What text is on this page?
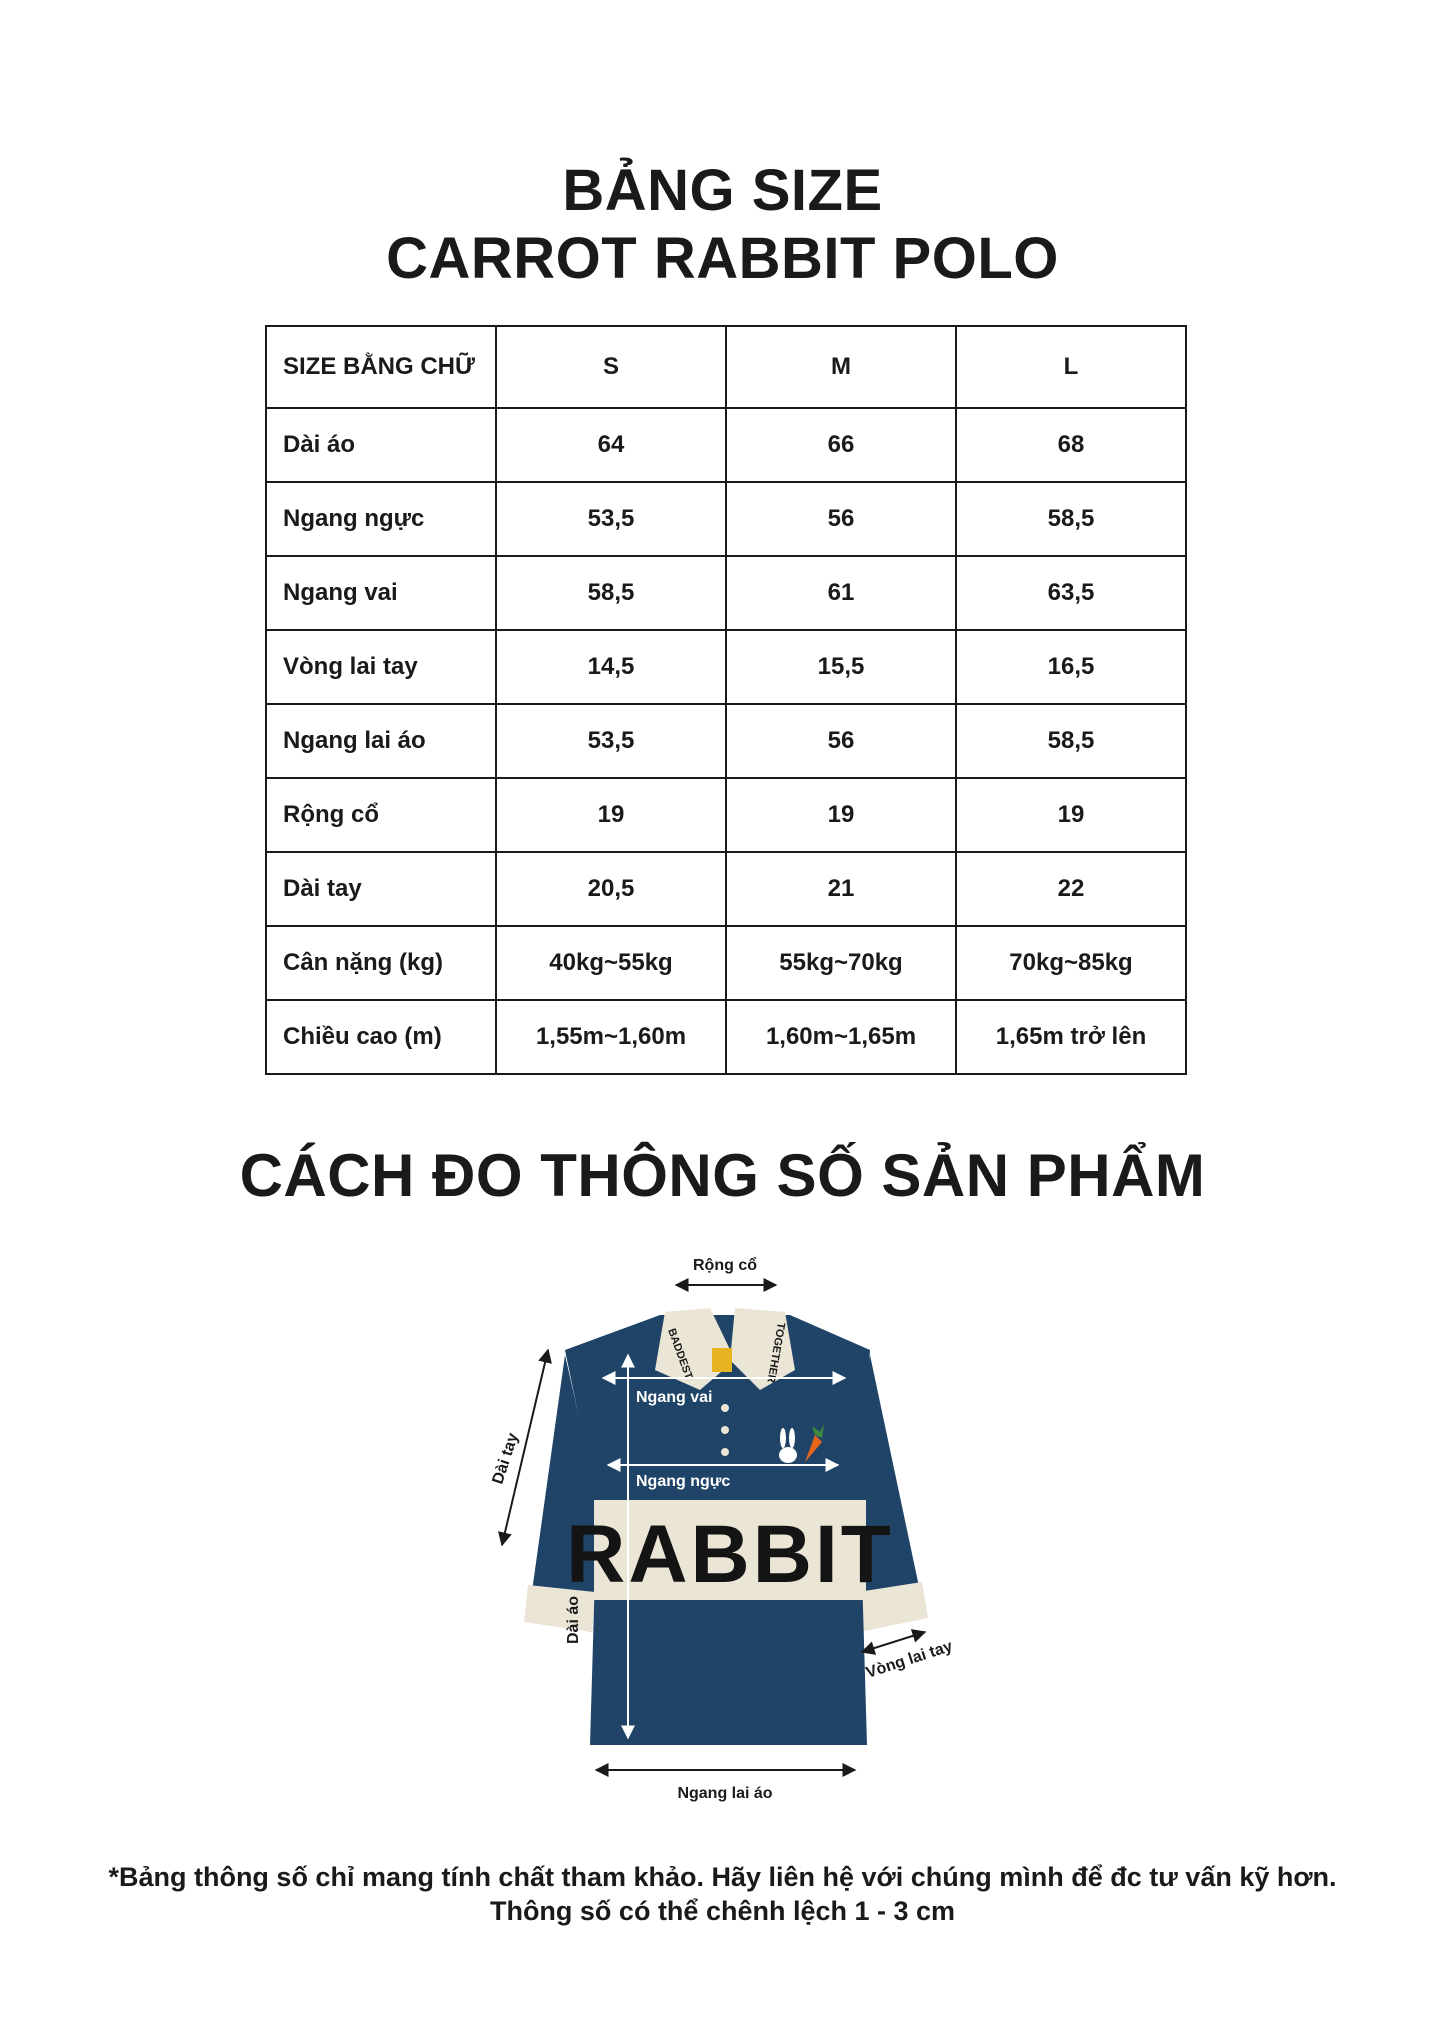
BẢNG SIZE
CARROT RABBIT POLO
SIZE BẰNG CHỮ	S	M	L
Dài áo	64	66	68
Ngang ngực	53,5	56	58,5
Ngang vai	58,5	61	63,5
Vòng lai tay	14,5	15,5	16,5
Ngang lai áo	53,5	56	58,5
Rộng cổ	19	19	19
Dài tay	20,5	21	22
Cân nặng (kg)	40kg~55kg	55kg~70kg	70kg~85kg
Chiều cao (m)	1,55m~1,60m	1,60m~1,65m	1,65m trở lên
CÁCH ĐO THÔNG SỐ SẢN PHẨM
RABBIT
BADDEST	TOGETHER
Rộng cổ
Ngang vai
Ngang ngực
Dài áo
Dài tay
Vòng lai tay
Ngang lai áo
*Bảng thông số chỉ mang tính chất tham khảo. Hãy liên hệ với chúng mình để đc tư vấn kỹ hơn.
Thông số có thể chênh lệch 1 - 3 cm
